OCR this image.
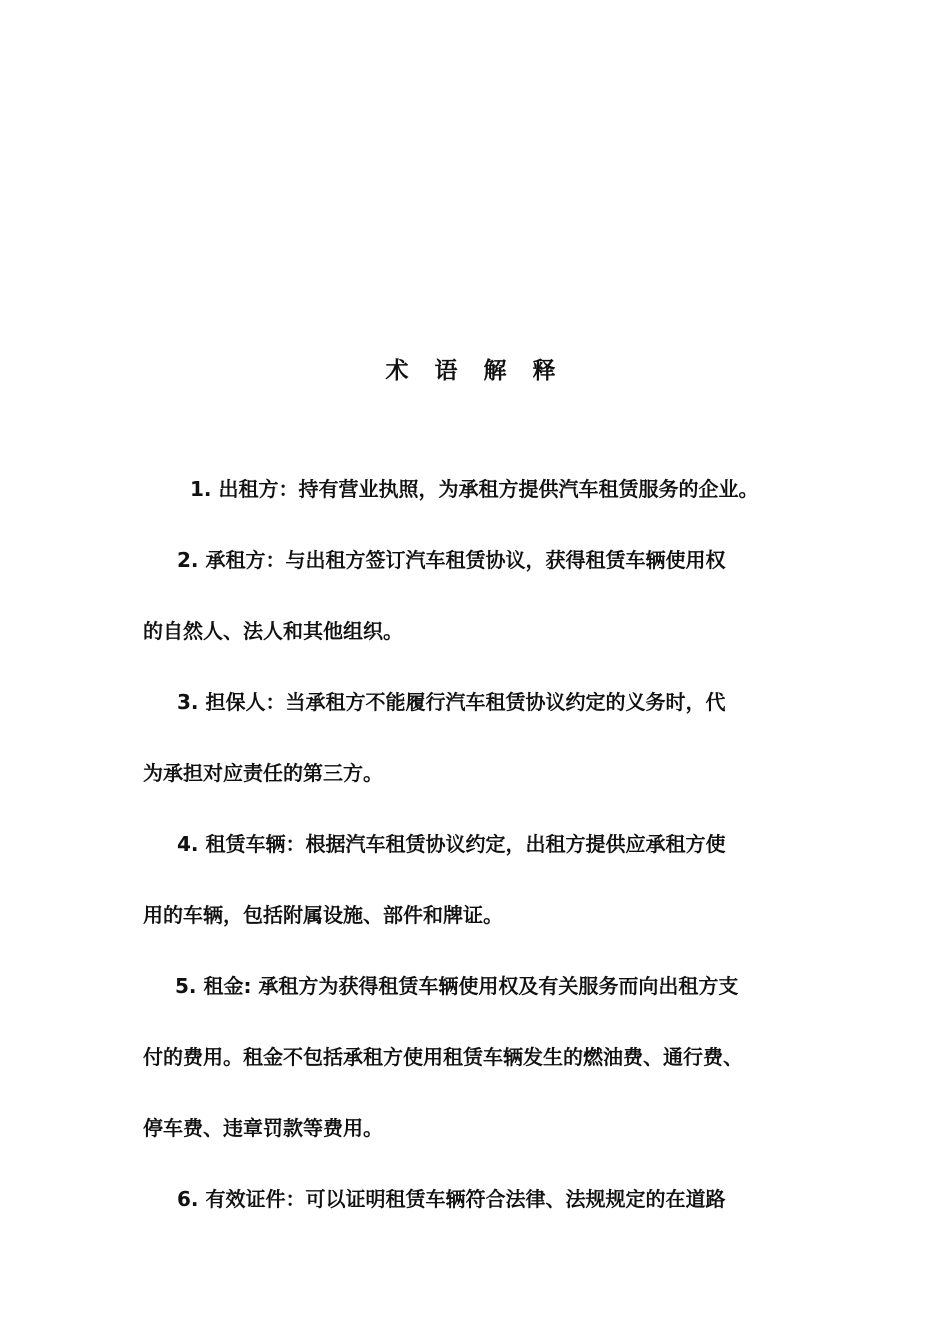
术 语 解 释
1. 出租方：持有营业执照，为承租方提供汽车租赁服务的企业。
2. 承租方：与出租方签订汽车租赁协议，获得租赁车辆使用权
的自然人、法人和其他组织。
3. 担保人：当承租方不能履行汽车租赁协议约定的义务时，代
为承担对应责任的第三方。
4. 租赁车辆：根据汽车租赁协议约定，出租方提供应承租方使
用的车辆，包括附属设施、部件和牌证。
5. 租金: 承租方为获得租赁车辆使用权及有关服务而向出租方支
付的费用。租金不包括承租方使用租赁车辆发生的燃油费、通行费、
停车费、违章罚款等费用。
6. 有效证件：可以证明租赁车辆符合法律、法规规定的在道路
